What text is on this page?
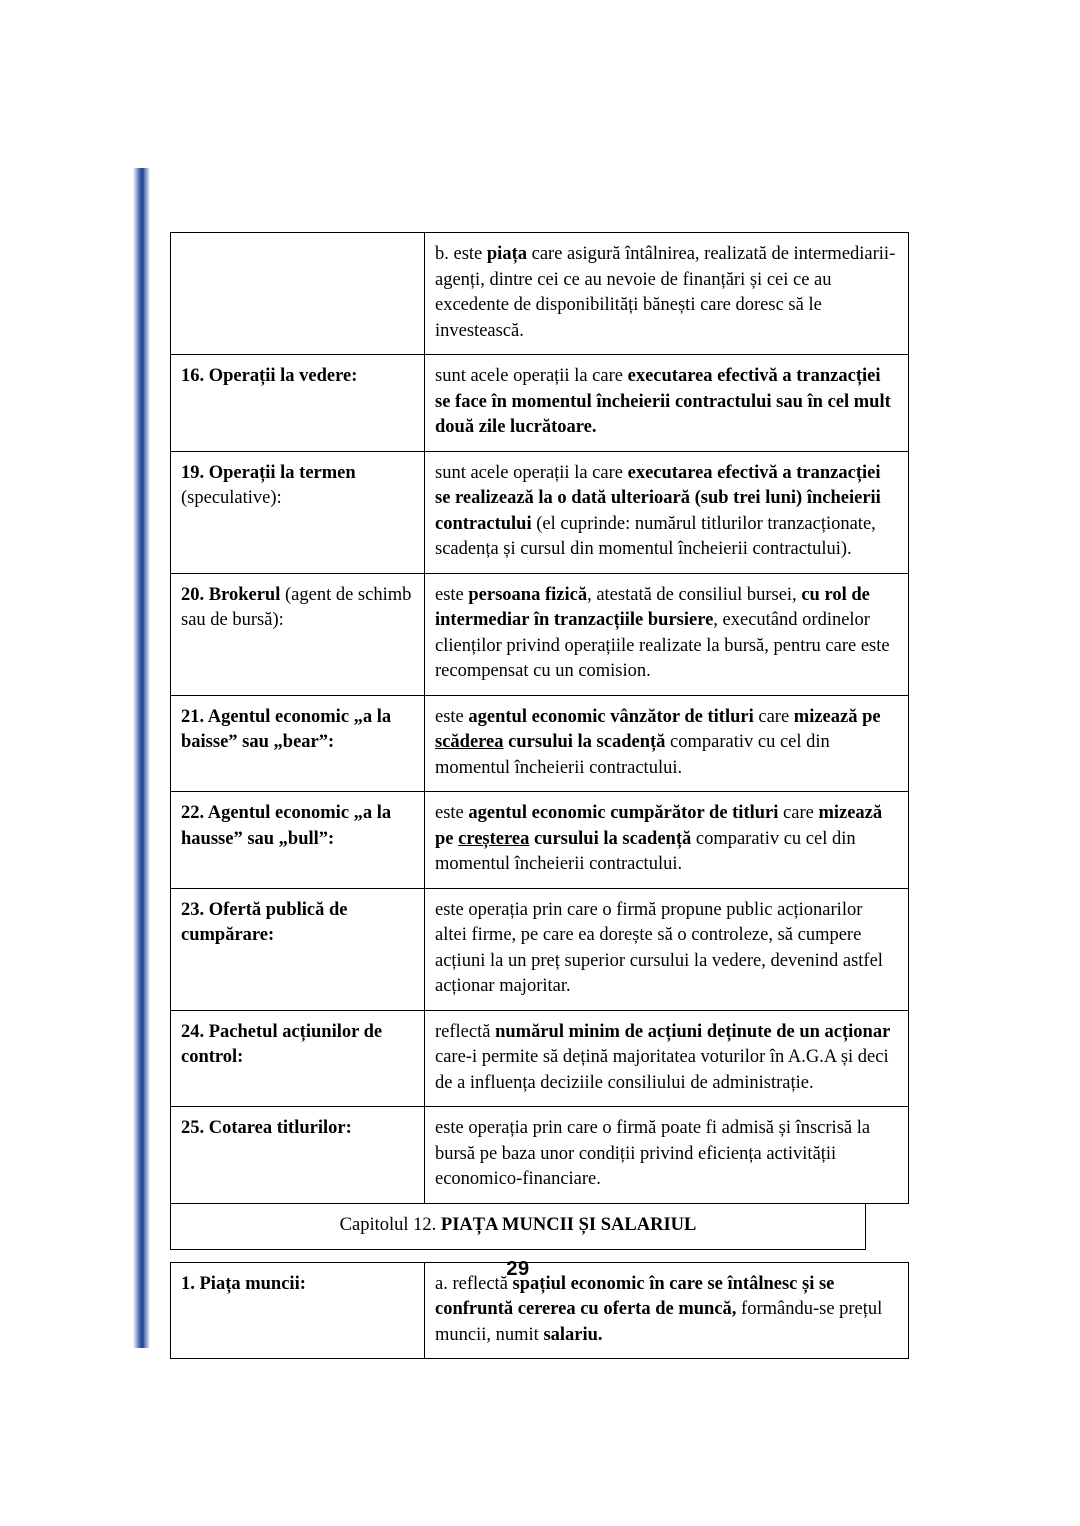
	b. este piața care asigură întâlnirea, realizată de intermediarii-agenți, dintre cei ce au nevoie de finanțări și cei ce au excedente de disponibilități bănești care doresc să le investească.
16. Operații la vedere:	sunt acele operații la care executarea efectivă a tranzacției se face în momentul încheierii contractului sau în cel mult două zile lucrătoare.
19. Operații la termen (speculative):	sunt acele operații la care executarea efectivă a tranzacției se realizează la o dată ulterioară (sub trei luni) încheierii contractului (el cuprinde: numărul titlurilor tranzacționate, scadența și cursul din momentul încheierii contractului).
20. Brokerul (agent de schimb sau de bursă):	este persoana fizică, atestată de consiliul bursei, cu rol de intermediar în tranzacțiile bursiere, executând ordinelor clienților privind operațiile realizate la bursă, pentru care este recompensat cu un comision.
21. Agentul economic „a la baisse” sau „bear”:	este agentul economic vânzător de titluri care mizează pe scăderea cursului la scadență comparativ cu cel din momentul încheierii contractului.
22. Agentul economic „a la hausse” sau „bull”:	este agentul economic cumpărător de titluri care mizează pe creșterea cursului la scadență comparativ cu cel din momentul încheierii contractului.
23. Ofertă publică de cumpărare:	este operația prin care o firmă propune public acționarilor altei firme, pe care ea dorește să o controleze, să cumpere acțiuni la un preț superior cursului la vedere, devenind astfel acționar majoritar.
24. Pachetul acțiunilor de control:	reflectă numărul minim de acțiuni deținute de un acționar care-i permite să dețină majoritatea voturilor în A.G.A și deci de a influența deciziile consiliului de administrație.
25. Cotarea titlurilor:	este operația prin care o firmă poate fi admisă și înscrisă la bursă pe baza unor condiții privind eficiența activității economico-financiare.
Capitolul 12. PIAȚA MUNCII ȘI SALARIUL
1. Piața muncii:	a. reflectă spațiul economic în care se întâlnesc și se confruntă cererea cu oferta de muncă, formându-se prețul muncii, numit salariu.
29
